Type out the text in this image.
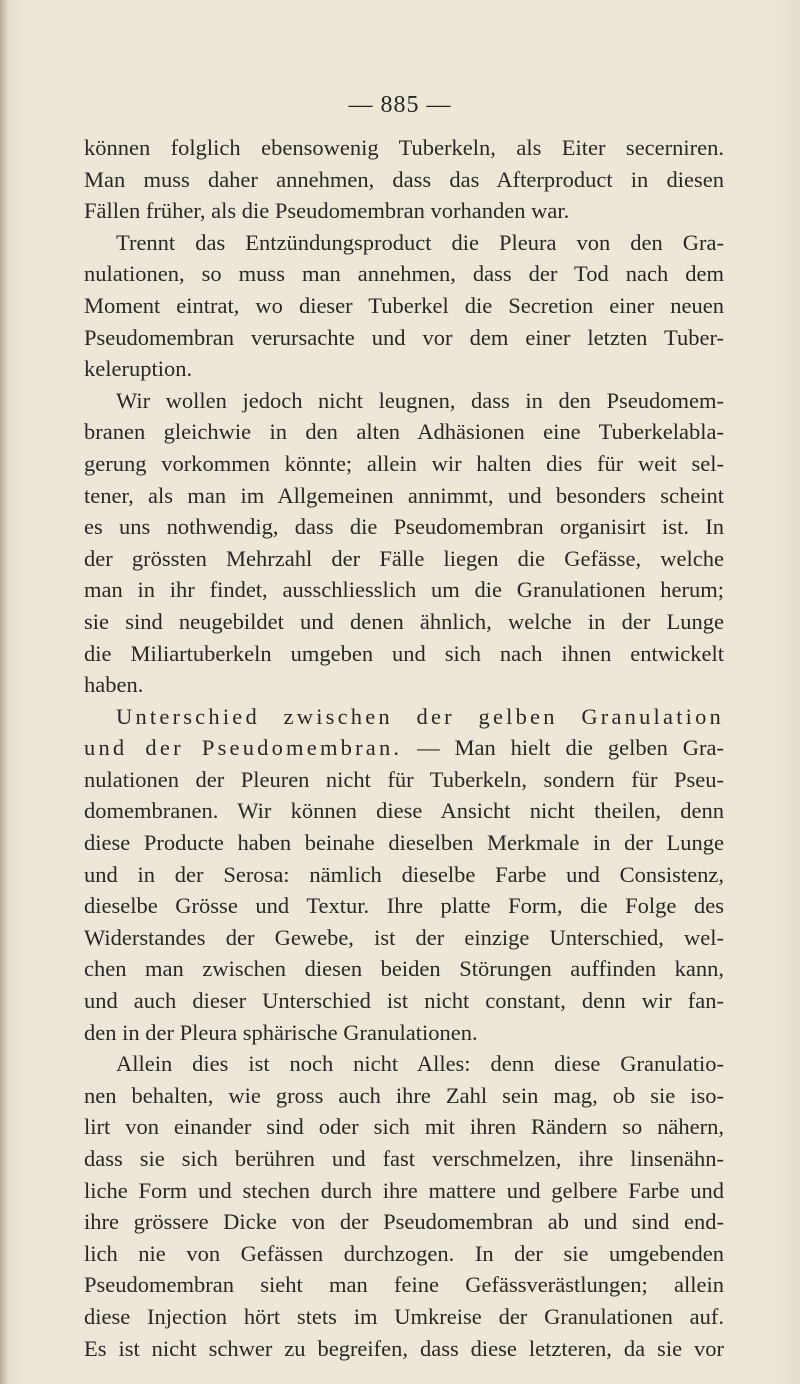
— 885 —
können folglich ebensowenig Tuberkeln, als Eiter secerniren.
Man muss daher annehmen, dass das Afterproduct in diesen
Fällen früher, als die Pseudomembran vorhanden war.
Trennt das Entzündungsproduct die Pleura von den Gra-
nulationen, so muss man annehmen, dass der Tod nach dem
Moment eintrat, wo dieser Tuberkel die Secretion einer neuen
Pseudomembran verursachte und vor dem einer letzten Tuber-
keleruption.
Wir wollen jedoch nicht leugnen, dass in den Pseudomem-
branen gleichwie in den alten Adhäsionen eine Tuberkelabla-
gerung vorkommen könnte; allein wir halten dies für weit sel-
tener, als man im Allgemeinen annimmt, und besonders scheint
es uns nothwendig, dass die Pseudomembran organisirt ist. In
der grössten Mehrzahl der Fälle liegen die Gefässe, welche
man in ihr findet, ausschliesslich um die Granulationen herum;
sie sind neugebildet und denen ähnlich, welche in der Lunge
die Miliartuberkeln umgeben und sich nach ihnen entwickelt
haben.
Unterschied zwischen der gelben Granulation
und der Pseudomembran. — Man hielt die gelben Gra-
nulationen der Pleuren nicht für Tuberkeln, sondern für Pseu-
domembranen. Wir können diese Ansicht nicht theilen, denn
diese Producte haben beinahe dieselben Merkmale in der Lunge
und in der Serosa: nämlich dieselbe Farbe und Consistenz,
dieselbe Grösse und Textur. Ihre platte Form, die Folge des
Widerstandes der Gewebe, ist der einzige Unterschied, wel-
chen man zwischen diesen beiden Störungen auffinden kann,
und auch dieser Unterschied ist nicht constant, denn wir fan-
den in der Pleura sphärische Granulationen.
Allein dies ist noch nicht Alles: denn diese Granulatio-
nen behalten, wie gross auch ihre Zahl sein mag, ob sie iso-
lirt von einander sind oder sich mit ihren Rändern so nähern,
dass sie sich berühren und fast verschmelzen, ihre linsenähn-
liche Form und stechen durch ihre mattere und gelbere Farbe und
ihre grössere Dicke von der Pseudomembran ab und sind end-
lich nie von Gefässen durchzogen. In der sie umgebenden
Pseudomembran sieht man feine Gefässverästlungen; allein
diese Injection hört stets im Umkreise der Granulationen auf.
Es ist nicht schwer zu begreifen, dass diese letzteren, da sie vor
